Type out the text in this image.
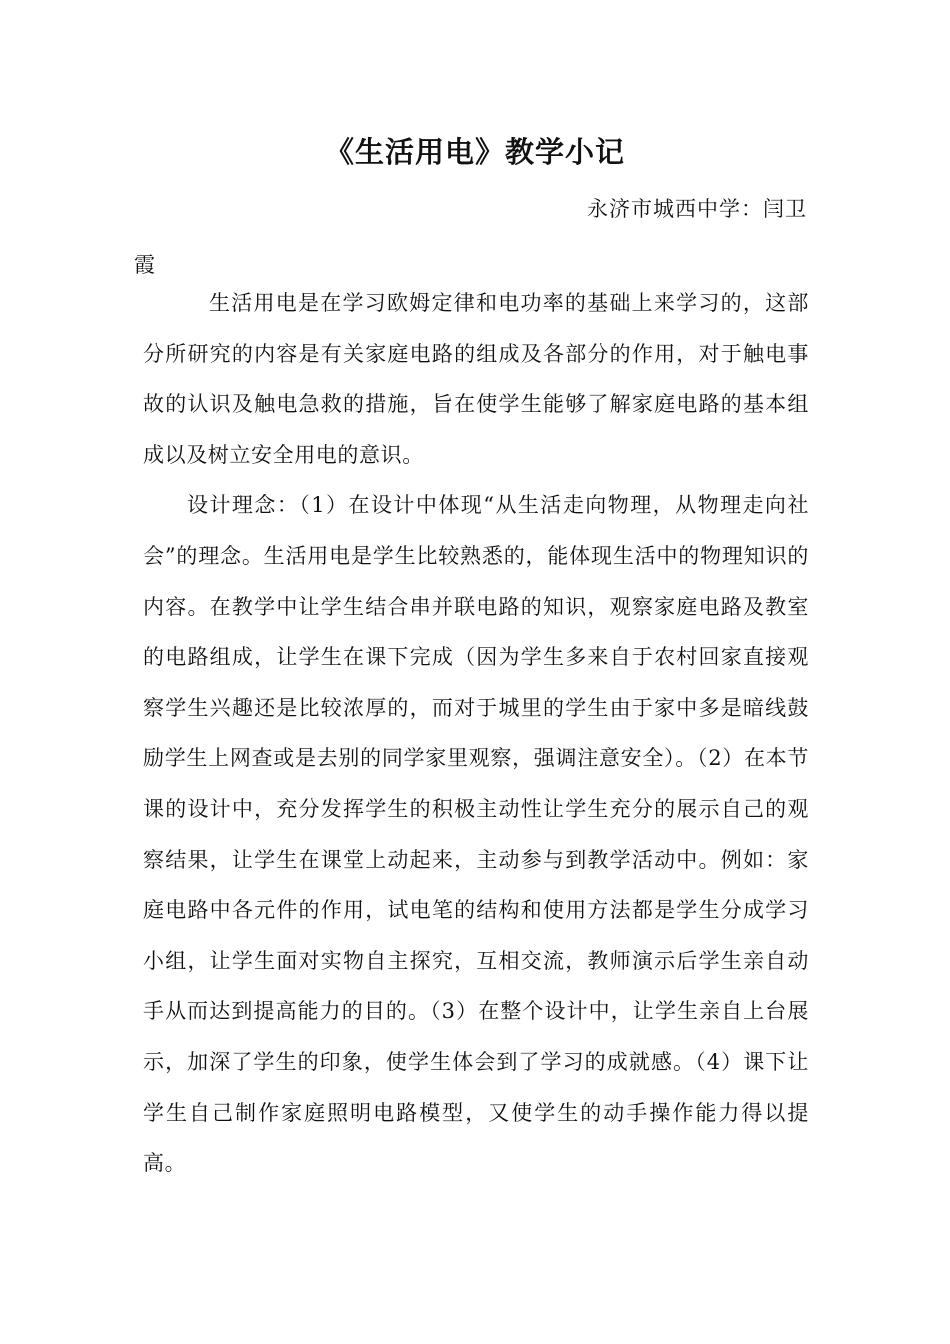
《生活用电》教学小记
永济市城西中学：闫卫
霞

生活用电是在学习欧姆定律和电功率的基础上来学习的，这部分所研究的内容是有关家庭电路的组成及各部分的作用，对于触电事故的认识及触电急救的措施，旨在使学生能够了解家庭电路的基本组成以及树立安全用电的意识。

设计理念：（1）在设计中体现“从生活走向物理，从物理走向社会”的理念。生活用电是学生比较熟悉的，能体现生活中的物理知识的内容。在教学中让学生结合串并联电路的知识，观察家庭电路及教室的电路组成，让学生在课下完成（因为学生多来自于农村回家直接观察学生兴趣还是比较浓厚的，而对于城里的学生由于家中多是暗线鼓励学生上网查或是去别的同学家里观察，强调注意安全）。（2）在本节课的设计中，充分发挥学生的积极主动性让学生充分的展示自己的观察结果，让学生在课堂上动起来，主动参与到教学活动中。例如：家庭电路中各元件的作用，试电笔的结构和使用方法都是学生分成学习小组，让学生面对实物自主探究，互相交流，教师演示后学生亲自动手从而达到提高能力的目的。（3）在整个设计中，让学生亲自上台展示，加深了学生的印象，使学生体会到了学习的成就感。（4）课下让学生自己制作家庭照明电路模型，又使学生的动手操作能力得以提高。
